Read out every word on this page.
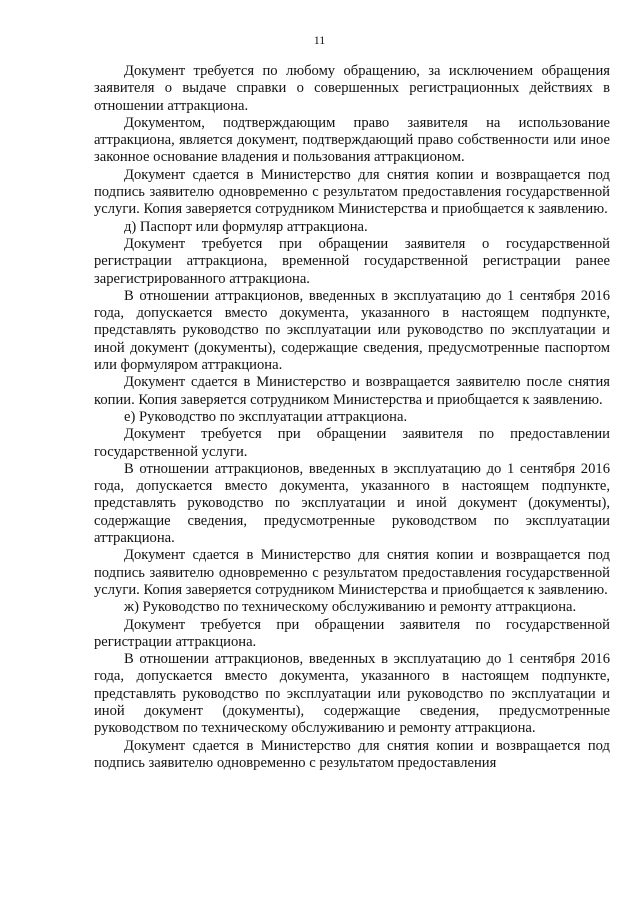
11

Документ требуется по любому обращению, за исключением обращения заявителя о выдаче справки о совершенных регистрационных действиях в отношении аттракциона.

Документом, подтверждающим право заявителя на использование аттракциона, является документ, подтверждающий право собственности или иное законное основание владения и пользования аттракционом.

Документ сдается в Министерство для снятия копии и возвращается под подпись заявителю одновременно с результатом предоставления государственной услуги. Копия заверяется сотрудником Министерства и приобщается к заявлению.

д) Паспорт или формуляр аттракциона.

Документ требуется при обращении заявителя о государственной регистрации аттракциона, временной государственной регистрации ранее зарегистрированного аттракциона.

В отношении аттракционов, введенных в эксплуатацию до 1 сентября 2016 года, допускается вместо документа, указанного в настоящем подпункте, представлять руководство по эксплуатации или руководство по эксплуатации и иной документ (документы), содержащие сведения, предусмотренные паспортом или формуляром аттракциона.

Документ сдается в Министерство и возвращается заявителю после снятия копии. Копия заверяется сотрудником Министерства и приобщается к заявлению.

е) Руководство по эксплуатации аттракциона.

Документ требуется при обращении заявителя по предоставлении государственной услуги.

В отношении аттракционов, введенных в эксплуатацию до 1 сентября 2016 года, допускается вместо документа, указанного в настоящем подпункте, представлять руководство по эксплуатации и иной документ (документы), содержащие сведения, предусмотренные руководством по эксплуатации аттракциона.

Документ сдается в Министерство для снятия копии и возвращается под подпись заявителю одновременно с результатом предоставления государственной услуги. Копия заверяется сотрудником Министерства и приобщается к заявлению.

ж) Руководство по техническому обслуживанию и ремонту аттракциона.

Документ требуется при обращении заявителя по государственной регистрации аттракциона.

В отношении аттракционов, введенных в эксплуатацию до 1 сентября 2016 года, допускается вместо документа, указанного в настоящем подпункте, представлять руководство по эксплуатации или руководство по эксплуатации и иной документ (документы), содержащие сведения, предусмотренные руководством по техническому обслуживанию и ремонту аттракциона.

Документ сдается в Министерство для снятия копии и возвращается под подпись заявителю одновременно с результатом предоставления
